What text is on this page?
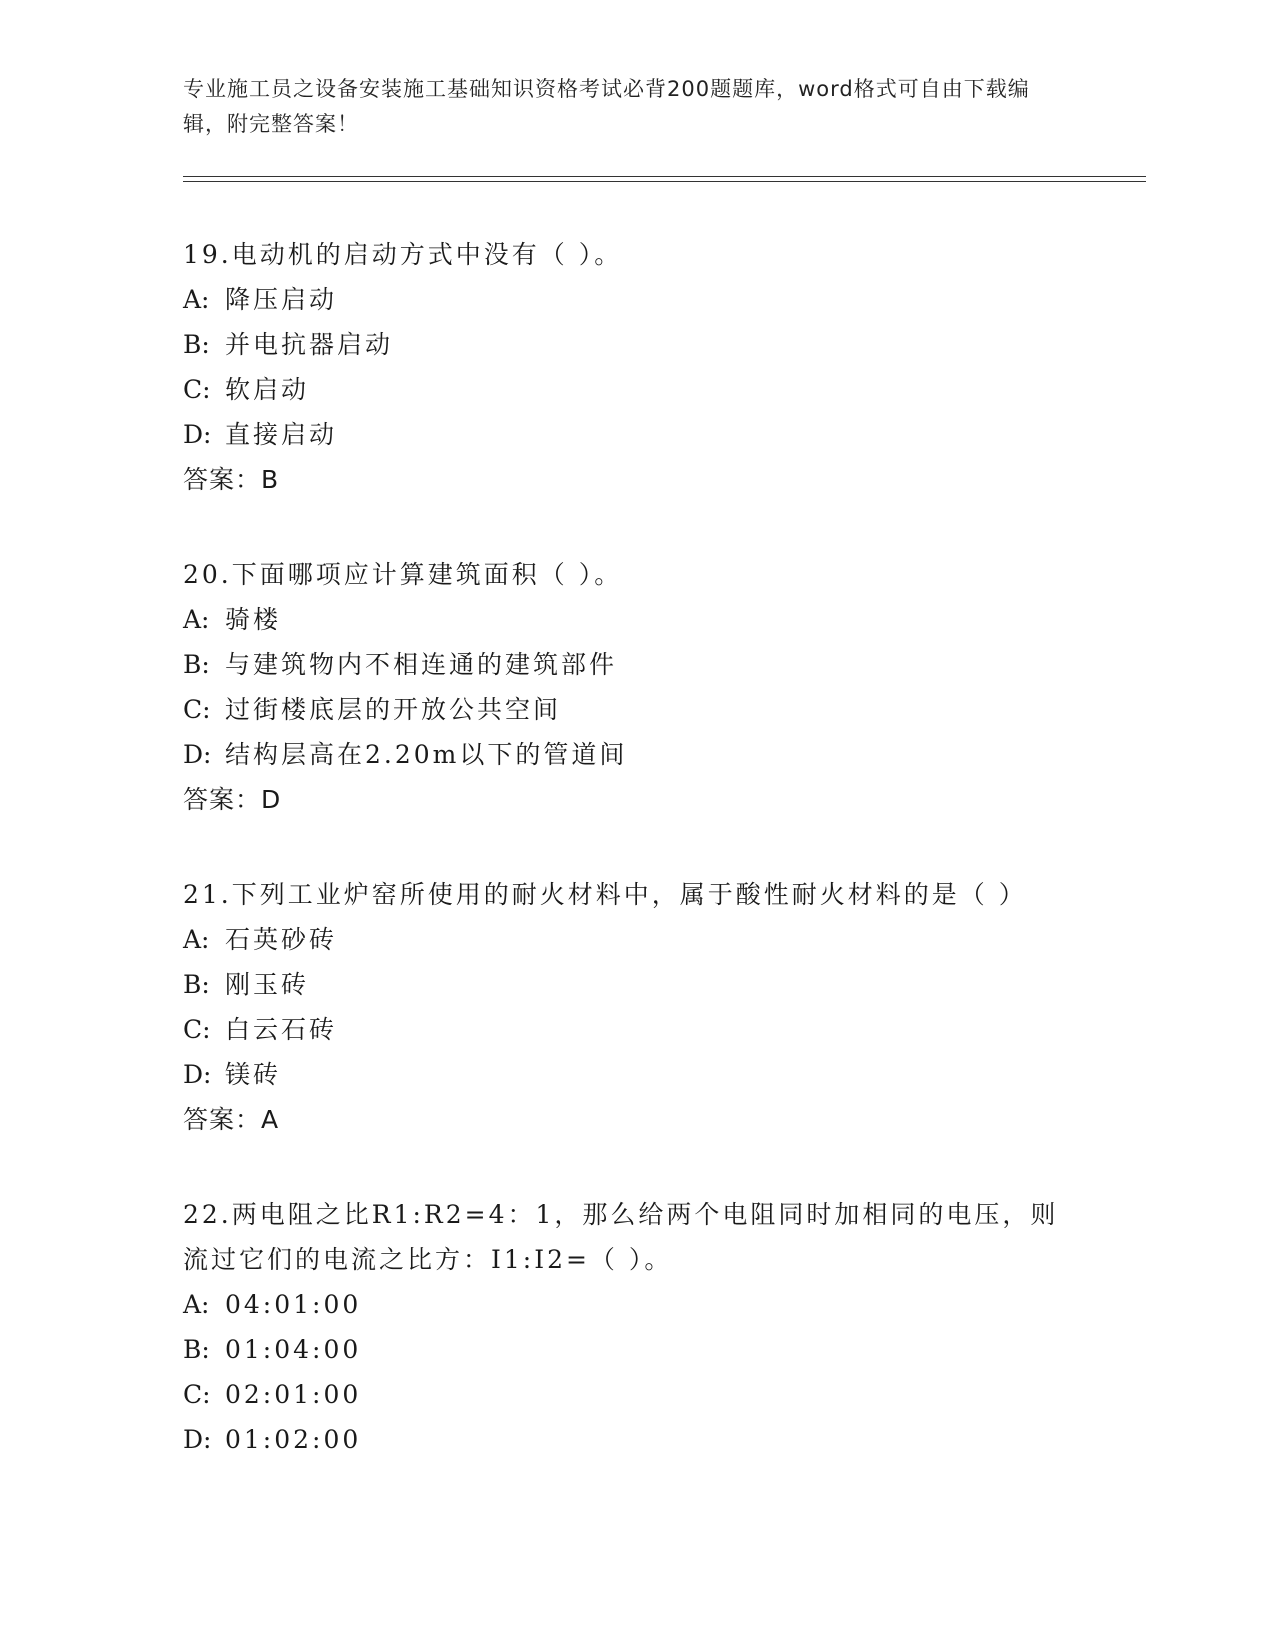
专业施工员之设备安装施工基础知识资格考试必背200题题库，word格式可自由下载编辑，附完整答案！
19.电动机的启动方式中没有（ ）。
A: 降压启动
B: 并电抗器启动
C: 软启动
D: 直接启动
答案：B
20.下面哪项应计算建筑面积（ ）。
A: 骑楼
B: 与建筑物内不相连通的建筑部件
C: 过街楼底层的开放公共空间
D: 结构层高在2.20m以下的管道间
答案：D
21.下列工业炉窑所使用的耐火材料中，属于酸性耐火材料的是（ ）
A: 石英砂砖
B: 刚玉砖
C: 白云石砖
D: 镁砖
答案：A
22.两电阻之比R1:R2=4：1，那么给两个电阻同时加相同的电压，则流过它们的电流之比方：I1:I2=（ ）。
A: 04:01:00
B: 01:04:00
C: 02:01:00
D: 01:02:00
